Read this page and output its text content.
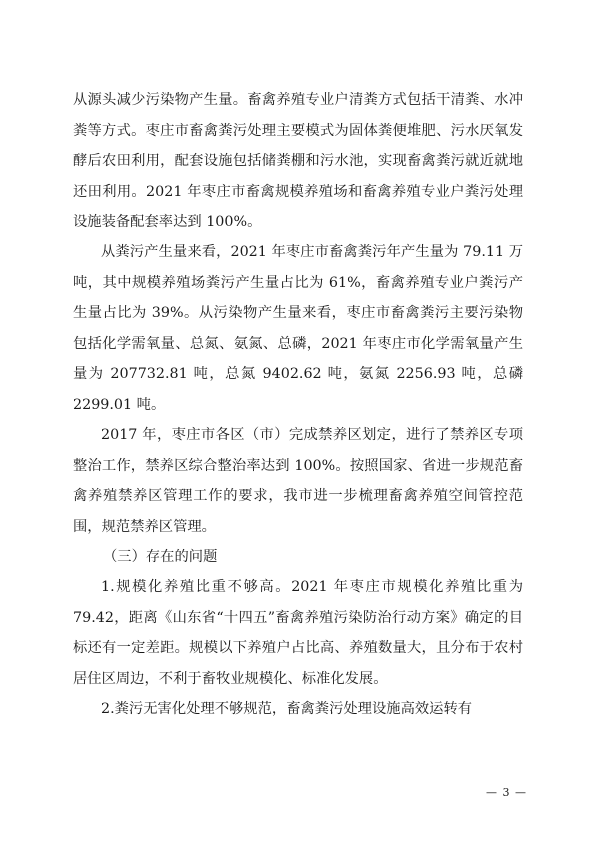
从源头减少污染物产生量。畜禽养殖专业户清粪方式包括干清粪、水冲粪等方式。枣庄市畜禽粪污处理主要模式为固体粪便堆肥、污水厌氧发酵后农田利用，配套设施包括储粪棚和污水池，实现畜禽粪污就近就地还田利用。2021 年枣庄市畜禽规模养殖场和畜禽养殖专业户粪污处理设施装备配套率达到 100%。

从粪污产生量来看，2021 年枣庄市畜禽粪污年产生量为 79.11 万吨，其中规模养殖场粪污产生量占比为 61%，畜禽养殖专业户粪污产生量占比为 39%。从污染物产生量来看，枣庄市畜禽粪污主要污染物包括化学需氧量、总氮、氨氮、总磷，2021 年枣庄市化学需氧量产生量为 207732.81 吨，总氮 9402.62 吨，氨氮 2256.93 吨，总磷 2299.01 吨。

2017 年，枣庄市各区（市）完成禁养区划定，进行了禁养区专项整治工作，禁养区综合整治率达到 100%。按照国家、省进一步规范畜禽养殖禁养区管理工作的要求，我市进一步梳理畜禽养殖空间管控范围，规范禁养区管理。

（三）存在的问题

1.规模化养殖比重不够高。2021 年枣庄市规模化养殖比重为 79.42，距离《山东省“十四五”畜禽养殖污染防治行动方案》确定的目标还有一定差距。规模以下养殖户占比高、养殖数量大，且分布于农村居住区周边，不利于畜牧业规模化、标准化发展。

2.粪污无害化处理不够规范，畜禽粪污处理设施高效运转有

— 3 —
